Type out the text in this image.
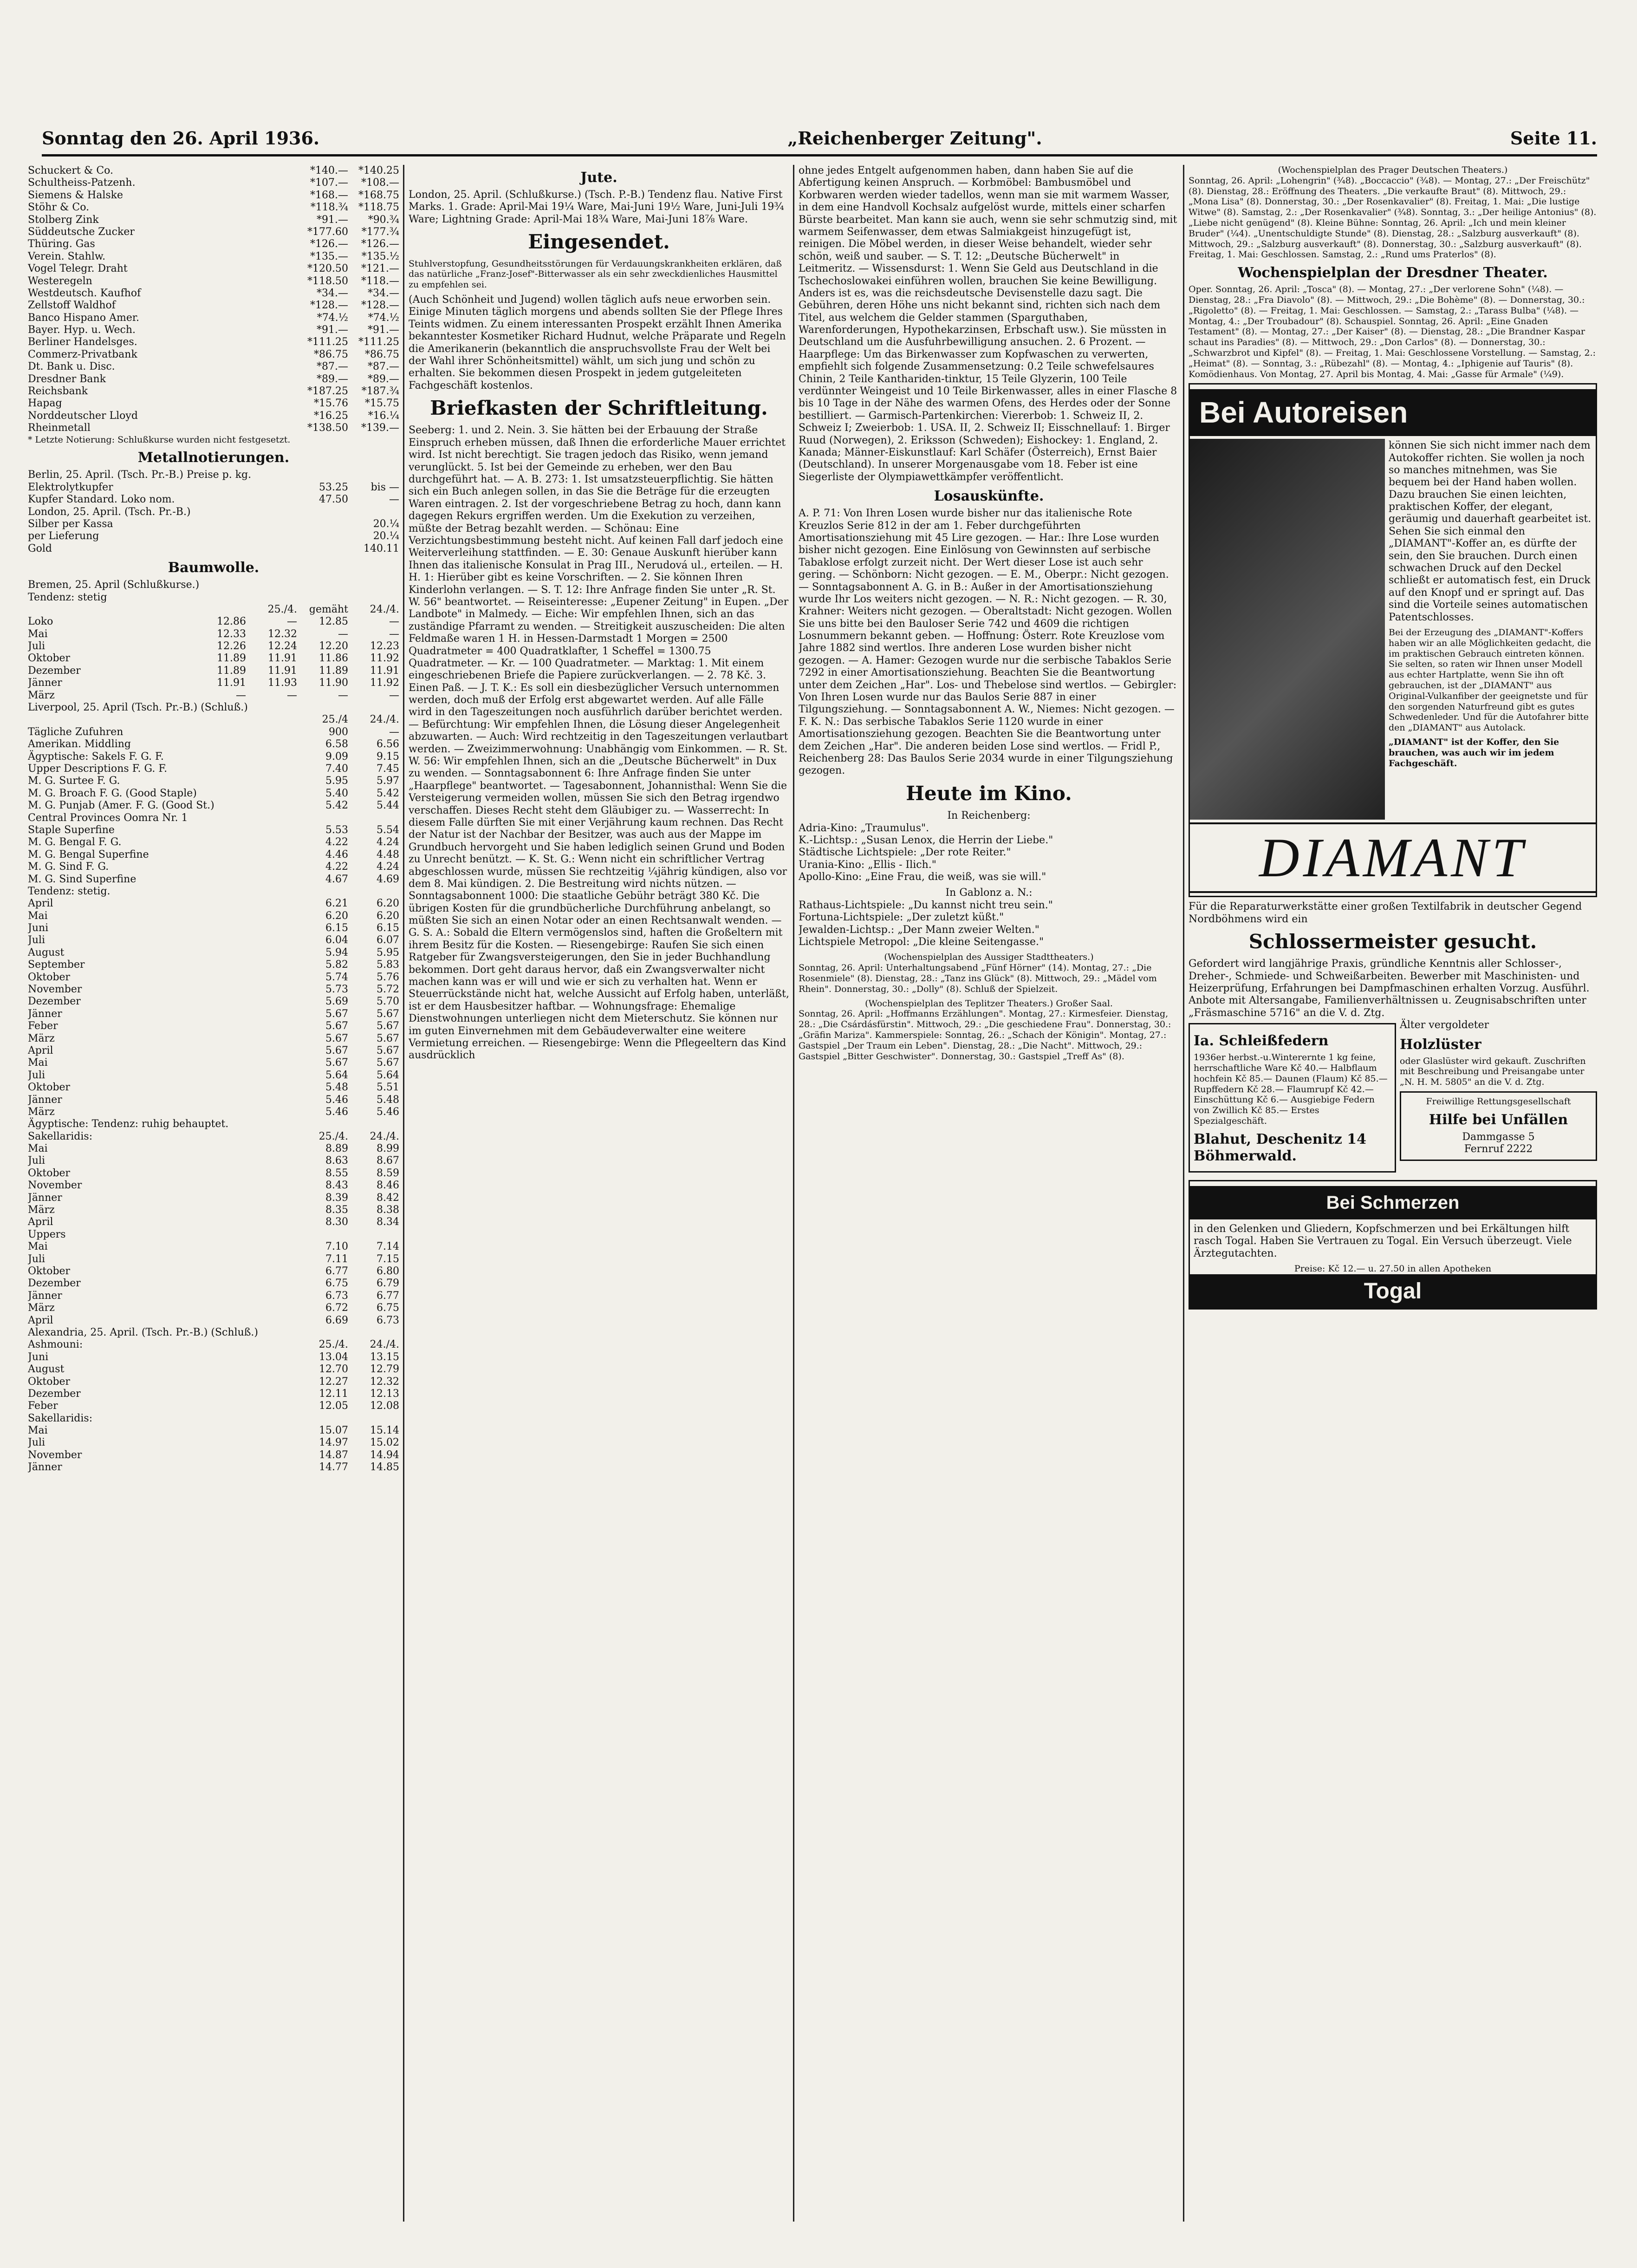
Sonntag den 26. April 1936.	„Reichenberger Zeitung".	Seite 11.
Schuckert & Co.	*140.—	*140.25
Schultheiss-Patzenh.	*107.—	*108.—
Siemens & Halske	*168.—	*168.75
Stöhr & Co.	*118.¾	*118.75
Stolberg Zink	*91.—	*90.¾
Süddeutsche Zucker	*177.60	*177.¾
Thüring. Gas	*126.—	*126.—
Verein. Stahlw.	*135.—	*135.½
Vogel Telegr. Draht	*120.50	*121.—
Westeregeln	*118.50	*118.—
Westdeutsch. Kaufhof	*34.—	*34.—
Zellstoff Waldhof	*128.—	*128.—
Banco Hispano Amer.	*74.½	*74.½
Bayer. Hyp. u. Wech.	*91.—	*91.—
Berliner Handelsges.	*111.25	*111.25
Commerz-Privatbank	*86.75	*86.75
Dt. Bank u. Disc.	*87.—	*87.—
Dresdner Bank	*89.—	*89.—
Reichsbank	*187.25	*187.¾
Hapag	*15.76	*15.75
Norddeutscher Lloyd	*16.25	*16.¼
Rheinmetall	*138.50	*139.—
* Letzte Notierung: Schlußkurse wurden nicht festgesetzt.
Metallnotierungen.
Berlin, 25. April. (Tsch. Pr.-B.) Preise p. kg.
Elektrolytkupfer	53.25	bis —
Kupfer Standard. Loko nom.	47.50	—
London, 25. April. (Tsch. Pr.-B.)
Silber per Kassa	20.¼
per Lieferung	20.¼
Gold	140.11
Baumwolle.
Bremen, 25. April (Schlußkurse.)
Tendenz: stetig
25./4.	gemäht	24./4.
Loko	12.86	—	12.85	—
Mai	12.33	12.32	—	—
Juli	12.26	12.24	12.20	12.23
Oktober	11.89	11.91	11.86	11.92
Dezember	11.89	11.91	11.89	11.91
Jänner	11.91	11.93	11.90	11.92
März	—	—	—	—
Liverpool, 25. April (Tsch. Pr.-B.) (Schluß.)
25./4	24./4.
Tägliche Zufuhren	900	—
Amerikan. Middling	6.58	6.56
Ägyptische: Sakels F. G. F.	9.09	9.15
Upper Descriptions F. G. F.	7.40	7.45
M. G. Surtee F. G.	5.95	5.97
M. G. Broach F. G. (Good Staple)	5.40	5.42
M. G. Punjab (Amer. F. G. (Good St.)	5.42	5.44
Central Provinces Oomra Nr. 1
Staple Superfine	5.53	5.54
M. G. Bengal F. G.	4.22	4.24
M. G. Bengal Superfine	4.46	4.48
M. G. Sind F. G.	4.22	4.24
M. G. Sind Superfine	4.67	4.69
Tendenz: stetig.
April	6.21	6.20
Mai	6.20	6.20
Juni	6.15	6.15
Juli	6.04	6.07
August	5.94	5.95
September	5.82	5.83
Oktober	5.74	5.76
November	5.73	5.72
Dezember	5.69	5.70
Jänner	5.67	5.67
Feber	5.67	5.67
März	5.67	5.67
April	5.67	5.67
Mai	5.67	5.67
Juli	5.64	5.64
Oktober	5.48	5.51
Jänner	5.46	5.48
März	5.46	5.46
Ägyptische: Tendenz: ruhig behauptet.
Sakellaridis:	25./4.	24./4.
Mai	8.89	8.99
Juli	8.63	8.67
Oktober	8.55	8.59
November	8.43	8.46
Jänner	8.39	8.42
März	8.35	8.38
April	8.30	8.34
Uppers
Mai	7.10	7.14
Juli	7.11	7.15
Oktober	6.77	6.80
Dezember	6.75	6.79
Jänner	6.73	6.77
März	6.72	6.75
April	6.69	6.73
Alexandria, 25. April. (Tsch. Pr.-B.) (Schluß.)
Ashmouni:	25./4.	24./4.
Juni	13.04	13.15
August	12.70	12.79
Oktober	12.27	12.32
Dezember	12.11	12.13
Feber	12.05	12.08
Sakellaridis:
Mai	15.07	15.14
Juli	14.97	15.02
November	14.87	14.94
Jänner	14.77	14.85
Jute.
London, 25. April. (Schlußkurse.) (Tsch. P.-B.) Tendenz flau. Native First Marks. 1. Grade: April-Mai 19¼ Ware, Mai-Juni 19½ Ware, Juni-Juli 19¾ Ware; Lightning Grade: April-Mai 18¾ Ware, Mai-Juni 18⅞ Ware.
Eingesendet.
Stuhlverstopfung, Gesundheitsstörungen für Verdauungskrankheiten erklären, daß das natürliche „Franz-Josef"-Bitterwasser als ein sehr zweckdienliches Hausmittel zu empfehlen sei.
(Auch Schönheit und Jugend) wollen täglich aufs neue erworben sein. Einige Minuten täglich morgens und abends sollten Sie der Pflege Ihres Teints widmen. Zu einem interessanten Prospekt erzählt Ihnen Amerika bekanntester Kosmetiker Richard Hudnut, welche Präparate und Regeln die Amerikanerin (bekanntlich die anspruchsvollste Frau der Welt bei der Wahl ihrer Schönheitsmittel) wählt, um sich jung und schön zu erhalten. Sie bekommen diesen Prospekt in jedem gutgeleiteten Fachgeschäft kostenlos.
Briefkasten der Schriftleitung.
Seeberg: 1. und 2. Nein. 3. Sie hätten bei der Erbauung der Straße Einspruch erheben müssen, daß Ihnen die erforderliche Mauer errichtet wird. Ist nicht berechtigt. Sie tragen jedoch das Risiko, wenn jemand verunglückt. 5. Ist bei der Gemeinde zu erheben, wer den Bau durchgeführt hat. — A. B. 273: 1. Ist umsatzsteuerpflichtig. Sie hätten sich ein Buch anlegen sollen, in das Sie die Beträge für die erzeugten Waren eintragen. 2. Ist der vorgeschriebene Betrag zu hoch, dann kann dagegen Rekurs ergriffen werden. Um die Exekution zu verzeihen, müßte der Betrag bezahlt werden. — Schönau: Eine Verzichtungsbestimmung besteht nicht. Auf keinen Fall darf jedoch eine Weiterverleihung stattfinden. — E. 30: Genaue Auskunft hierüber kann Ihnen das italienische Konsulat in Prag III., Nerudová ul., erteilen. — H. H. 1: Hierüber gibt es keine Vorschriften. — 2. Sie können Ihren Kinderlohn verlangen. — S. T. 12: Ihre Anfrage finden Sie unter „R. St. W. 56" beantwortet. — Reiseinteresse: „Eupener Zeitung" in Eupen. „Der Landbote" in Malmedy. — Eiche: Wir empfehlen Ihnen, sich an das zuständige Pfarramt zu wenden. — Streitigkeit auszuscheiden: Die alten Feldmaße waren 1 H. in Hessen-Darmstadt 1 Morgen = 2500 Quadratmeter = 400 Quadratklafter, 1 Scheffel = 1300.75 Quadratmeter. — Kr. — 100 Quadratmeter. — Marktag: 1. Mit einem eingeschriebenen Briefe die Papiere zurückverlangen. — 2. 78 Kč. 3. Einen Paß. — J. T. K.: Es soll ein diesbezüglicher Versuch unternommen werden, doch muß der Erfolg erst abgewartet werden. Auf alle Fälle wird in den Tageszeitungen noch ausführlich darüber berichtet werden. — Befürchtung: Wir empfehlen Ihnen, die Lösung dieser Angelegenheit abzuwarten. — Auch: Wird rechtzeitig in den Tageszeitungen verlautbart werden. — Zweizimmerwohnung: Unabhängig vom Einkommen. — R. St. W. 56: Wir empfehlen Ihnen, sich an die „Deutsche Bücherwelt" in Dux zu wenden. — Sonntagsabonnent 6: Ihre Anfrage finden Sie unter „Haarpflege" beantwortet. — Tagesabonnent, Johannisthal: Wenn Sie die Versteigerung vermeiden wollen, müssen Sie sich den Betrag irgendwo verschaffen. Dieses Recht steht dem Gläubiger zu. — Wasserrecht: In diesem Falle dürften Sie mit einer Verjährung kaum rechnen. Das Recht der Natur ist der Nachbar der Besitzer, was auch aus der Mappe im Grundbuch hervorgeht und Sie haben lediglich seinen Grund und Boden zu Unrecht benützt. — K. St. G.: Wenn nicht ein schriftlicher Vertrag abgeschlossen wurde, müssen Sie rechtzeitig ¼jährig kündigen, also vor dem 8. Mai kündigen. 2. Die Bestreitung wird nichts nützen. — Sonntagsabonnent 1000: Die staatliche Gebühr beträgt 380 Kč. Die übrigen Kosten für die grundbücherliche Durchführung anbelangt, so müßten Sie sich an einen Notar oder an einen Rechtsanwalt wenden. — G. S. A.: Sobald die Eltern vermögenslos sind, haften die Großeltern mit ihrem Besitz für die Kosten. — Riesengebirge: Raufen Sie sich einen Ratgeber für Zwangsversteigerungen, den Sie in jeder Buchhandlung bekommen. Dort geht daraus hervor, daß ein Zwangsverwalter nicht machen kann was er will und wie er sich zu verhalten hat. Wenn er Steuerrückstände nicht hat, welche Aussicht auf Erfolg haben, unterläßt, ist er dem Hausbesitzer haftbar. — Wohnungsfrage: Ehemalige Dienstwohnungen unterliegen nicht dem Mieterschutz. Sie können nur im guten Einvernehmen mit dem Gebäudeverwalter eine weitere Vermietung erreichen. — Riesengebirge: Wenn die Pflegeeltern das Kind ausdrücklich
ohne jedes Entgelt aufgenommen haben, dann haben Sie auf die Abfertigung keinen Anspruch. — Korbmöbel: Bambusmöbel und Korbwaren werden wieder tadellos, wenn man sie mit warmem Wasser, in dem eine Handvoll Kochsalz aufgelöst wurde, mittels einer scharfen Bürste bearbeitet. Man kann sie auch, wenn sie sehr schmutzig sind, mit warmem Seifenwasser, dem etwas Salmiakgeist hinzugefügt ist, reinigen. Die Möbel werden, in dieser Weise behandelt, wieder sehr schön, weiß und sauber. — S. T. 12: „Deutsche Bücherwelt" in Leitmeritz. — Wissensdurst: 1. Wenn Sie Geld aus Deutschland in die Tschechoslowakei einführen wollen, brauchen Sie keine Bewilligung. Anders ist es, was die reichsdeutsche Devisenstelle dazu sagt. Die Gebühren, deren Höhe uns nicht bekannt sind, richten sich nach dem Titel, aus welchem die Gelder stammen (Sparguthaben, Warenforderungen, Hypothekarzinsen, Erbschaft usw.). Sie müssten in Deutschland um die Ausfuhrbewilligung ansuchen. 2. 6 Prozent. — Haarpflege: Um das Birkenwasser zum Kopfwaschen zu verwerten, empfiehlt sich folgende Zusammensetzung: 0.2 Teile schwefelsaures Chinin, 2 Teile Kanthariden-tinktur, 15 Teile Glyzerin, 100 Teile verdünnter Weingeist und 10 Teile Birkenwasser, alles in einer Flasche 8 bis 10 Tage in der Nähe des warmen Ofens, des Herdes oder der Sonne bestilliert. — Garmisch-Partenkirchen: Viererbob: 1. Schweiz II, 2. Schweiz I; Zweierbob: 1. USA. II, 2. Schweiz II; Eisschnellauf: 1. Birger Ruud (Norwegen), 2. Eriksson (Schweden); Eishockey: 1. England, 2. Kanada; Männer-Eiskunstlauf: Karl Schäfer (Österreich), Ernst Baier (Deutschland). In unserer Morgenausgabe vom 18. Feber ist eine Siegerliste der Olympiawettkämpfer veröffentlicht.
Losauskünfte.
A. P. 71: Von Ihren Losen wurde bisher nur das italienische Rote Kreuzlos Serie 812 in der am 1. Feber durchgeführten Amortisationsziehung mit 45 Lire gezogen. — Har.: Ihre Lose wurden bisher nicht gezogen. Eine Einlösung von Gewinnsten auf serbische Tabaklose erfolgt zurzeit nicht. Der Wert dieser Lose ist auch sehr gering. — Schönborn: Nicht gezogen. — E. M., Oberpr.: Nicht gezogen. — Sonntagsabonnent A. G. in B.: Außer in der Amortisationsziehung wurde Ihr Los weiters nicht gezogen. — N. R.: Nicht gezogen. — R. 30, Krahner: Weiters nicht gezogen. — Oberaltstadt: Nicht gezogen. Wollen Sie uns bitte bei den Bauloser Serie 742 und 4609 die richtigen Losnummern bekannt geben. — Hoffnung: Österr. Rote Kreuzlose vom Jahre 1882 sind wertlos. Ihre anderen Lose wurden bisher nicht gezogen. — A. Hamer: Gezogen wurde nur die serbische Tabaklos Serie 7292 in einer Amortisationsziehung. Beachten Sie die Beantwortung unter dem Zeichen „Har". Los- und Thebelose sind wertlos. — Gebirgler: Von Ihren Losen wurde nur das Baulos Serie 887 in einer Tilgungsziehung. — Sonntagsabonnent A. W., Niemes: Nicht gezogen. — F. K. N.: Das serbische Tabaklos Serie 1120 wurde in einer Amortisationsziehung gezogen. Beachten Sie die Beantwortung unter dem Zeichen „Har". Die anderen beiden Lose sind wertlos. — Fridl P., Reichenberg 28: Das Baulos Serie 2034 wurde in einer Tilgungsziehung gezogen.
Heute im Kino.
In Reichenberg:
Adria-Kino: „Traumulus".
K.-Lichtsp.: „Susan Lenox, die Herrin der Liebe."
Städtische Lichtspiele: „Der rote Reiter."
Urania-Kino: „Ellis - Ilich."
Apollo-Kino: „Eine Frau, die weiß, was sie will."
In Gablonz a. N.:
Rathaus-Lichtspiele: „Du kannst nicht treu sein."
Fortuna-Lichtspiele: „Der zuletzt küßt."
Jewalden-Lichtsp.: „Der Mann zweier Welten."
Lichtspiele Metropol: „Die kleine Seitengasse."
(Wochenspielplan des Aussiger Stadttheaters.)
Sonntag, 26. April: Unterhaltungsabend „Fünf Hörner" (14). Montag, 27.: „Die Rosenmiele" (8). Dienstag, 28.: „Tanz ins Glück" (8). Mittwoch, 29.: „Mädel vom Rhein". Donnerstag, 30.: „Dolly" (8). Schluß der Spielzeit.
(Wochenspielplan des Teplitzer Theaters.) Großer Saal.
Sonntag, 26. April: „Hoffmanns Erzählungen". Montag, 27.: Kirmesfeier. Dienstag, 28.: „Die Csárdásfürstin". Mittwoch, 29.: „Die geschiedene Frau". Donnerstag, 30.: „Gräfin Mariza". Kammerspiele: Sonntag, 26.: „Schach der Königin". Montag, 27.: Gastspiel „Der Traum ein Leben". Dienstag, 28.: „Die Nacht". Mittwoch, 29.: Gastspiel „Bitter Geschwister". Donnerstag, 30.: Gastspiel „Treff As" (8).
(Wochenspielplan des Prager Deutschen Theaters.)
Sonntag, 26. April: „Lohengrin" (¾8). „Boccaccio" (¾8). — Montag, 27.: „Der Freischütz" (8). Dienstag, 28.: Eröffnung des Theaters. „Die verkaufte Braut" (8). Mittwoch, 29.: „Mona Lisa" (8). Donnerstag, 30.: „Der Rosenkavalier" (8). Freitag, 1. Mai: „Die lustige Witwe" (8). Samstag, 2.: „Der Rosenkavalier" (¾8). Sonntag, 3.: „Der heilige Antonius" (8). „Liebe nicht genügend" (8). Kleine Bühne: Sonntag, 26. April: „Ich und mein kleiner Bruder" (¼4). „Unentschuldigte Stunde" (8). Dienstag, 28.: „Salzburg ausverkauft" (8). Mittwoch, 29.: „Salzburg ausverkauft" (8). Donnerstag, 30.: „Salzburg ausverkauft" (8). Freitag, 1. Mai: Geschlossen. Samstag, 2.: „Rund ums Praterlos" (8).
Wochenspielplan der Dresdner Theater.
Oper. Sonntag, 26. April: „Tosca" (8). — Montag, 27.: „Der verlorene Sohn" (¼8). — Dienstag, 28.: „Fra Diavolo" (8). — Mittwoch, 29.: „Die Bohème" (8). — Donnerstag, 30.: „Rigoletto" (8). — Freitag, 1. Mai: Geschlossen. — Samstag, 2.: „Tarass Bulba" (¼8). — Montag, 4.: „Der Troubadour" (8). Schauspiel. Sonntag, 26. April: „Eine Gnaden Testament" (8). — Montag, 27.: „Der Kaiser" (8). — Dienstag, 28.: „Die Brandner Kaspar schaut ins Paradies" (8). — Mittwoch, 29.: „Don Carlos" (8). — Donnerstag, 30.: „Schwarzbrot und Kipfel" (8). — Freitag, 1. Mai: Geschlossene Vorstellung. — Samstag, 2.: „Heimat" (8). — Sonntag, 3.: „Rübezahl" (8). — Montag, 4.: „Iphigenie auf Tauris" (8). Komödienhaus. Von Montag, 27. April bis Montag, 4. Mai: „Gasse für Armale" (¼9).
Bei Autoreisen
können Sie sich nicht immer nach dem Autokoffer richten. Sie wollen ja noch so manches mitnehmen, was Sie bequem bei der Hand haben wollen. Dazu brauchen Sie einen leichten, praktischen Koffer, der elegant, geräumig und dauerhaft gearbeitet ist. Sehen Sie sich einmal den „DIAMANT"-Koffer an, es dürfte der sein, den Sie brauchen. Durch einen schwachen Druck auf den Deckel schließt er automatisch fest, ein Druck auf den Knopf und er springt auf. Das sind die Vorteile seines automatischen Patentschlosses.
Bei der Erzeugung des „DIAMANT"-Koffers haben wir an alle Möglichkeiten gedacht, die im praktischen Gebrauch eintreten können. Sie selten, so raten wir Ihnen unser Modell aus echter Hartplatte, wenn Sie ihn oft gebrauchen, ist der „DIAMANT" aus Original-Vulkanfiber der geeignetste und für den sorgenden Naturfreund gibt es gutes Schwedenleder. Und für die Autofahrer bitte den „DIAMANT" aus Autolack.
„DIAMANT" ist der Koffer, den Sie brauchen, was auch wir im jedem Fachgeschäft.
DIAMANT
Für die Reparaturwerkstätte einer großen Textilfabrik in deutscher Gegend Nordböhmens wird ein
Schlossermeister gesucht.
Gefordert wird langjährige Praxis, gründliche Kenntnis aller Schlosser-, Dreher-, Schmiede- und Schweißarbeiten. Bewerber mit Maschinisten- und Heizerprüfung, Erfahrungen bei Dampfmaschinen erhalten Vorzug. Ausführl. Anbote mit Altersangabe, Familienverhältnissen u. Zeugnisabschriften unter „Fräsmaschine 5716" an die V. d. Ztg.
Ia. Schleißfedern
1936er herbst.-u.Winterernte 1 kg feine, herrschaftliche Ware Kč 40.— Halbflaum hochfein Kč 85.— Daunen (Flaum) Kč 85.— Rupffedern Kč 28.— Flaumrupf Kč 42.— Einschüttung Kč 6.— Ausgiebige Federn von Zwillich Kč 85.— Erstes Spezialgeschäft.
Blahut, Deschenitz 14 Böhmerwald.
Älter vergoldeter
Holzlüster
oder Glaslüster wird gekauft. Zuschriften mit Beschreibung und Preisangabe unter „N. H. M. 5805" an die V. d. Ztg.
Freiwillige Rettungsgesellschaft
Hilfe bei Unfällen
Dammgasse 5
Fernruf 2222
Bei Schmerzen
in den Gelenken und Gliedern, Kopfschmerzen und bei Erkältungen hilft rasch Togal. Haben Sie Vertrauen zu Togal. Ein Versuch überzeugt. Viele Ärztegutachten.
Preise: Kč 12.— u. 27.50 in allen Apotheken
Togal
